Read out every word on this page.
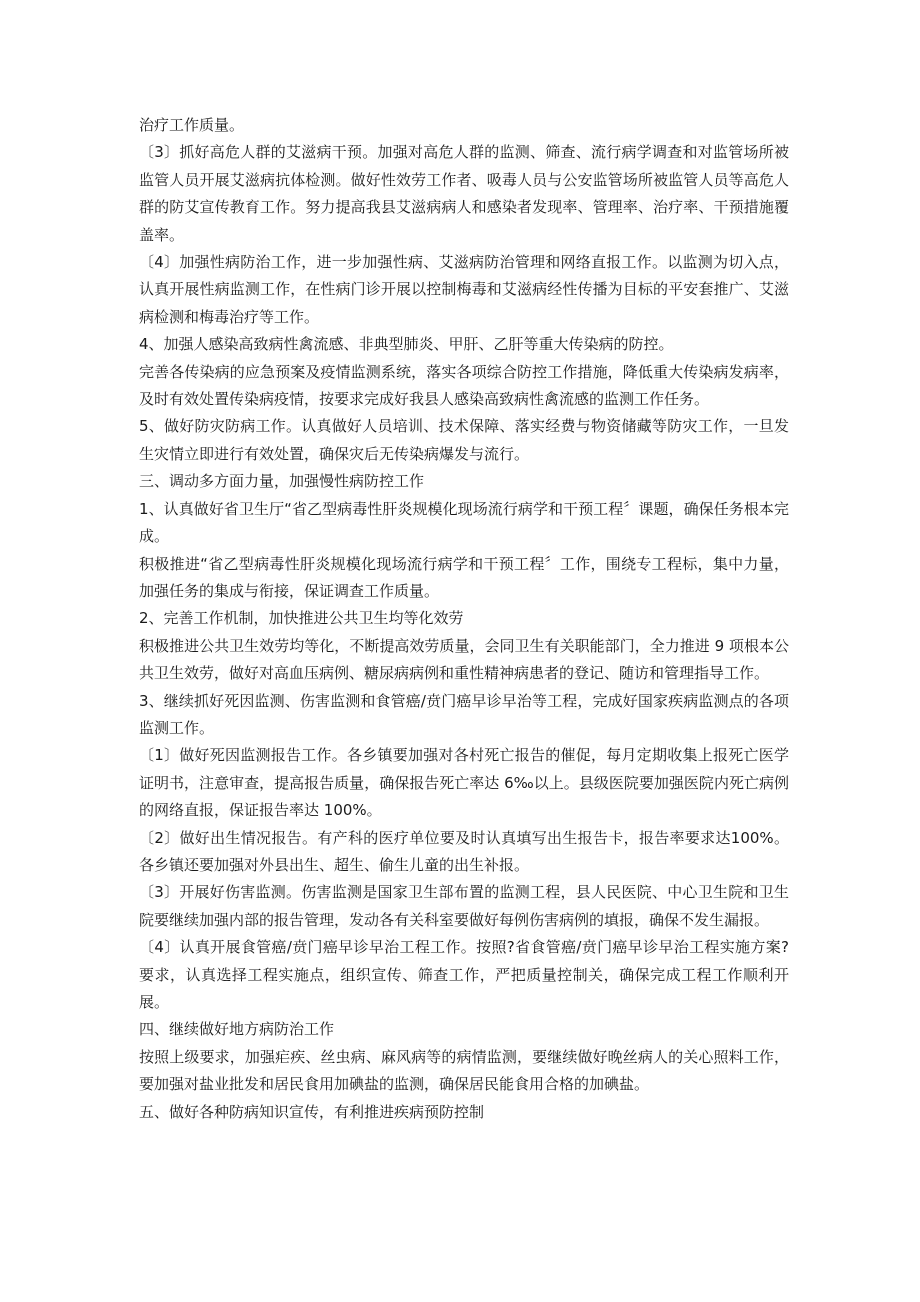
治疗工作质量。

〔3〕抓好高危人群的艾滋病干预。加强对高危人群的监测、筛查、流行病学调查和对监管场所被监管人员开展艾滋病抗体检测。做好性效劳工作者、吸毒人员与公安监管场所被监管人员等高危人群的防艾宣传教育工作。努力提高我县艾滋病病人和感染者发现率、管理率、治疗率、干预措施覆盖率。

〔4〕加强性病防治工作，进一步加强性病、艾滋病防治管理和网络直报工作。以监测为切入点，认真开展性病监测工作，在性病门诊开展以控制梅毒和艾滋病经性传播为目标的平安套推广、艾滋病检测和梅毒治疗等工作。

4、加强人感染高致病性禽流感、非典型肺炎、甲肝、乙肝等重大传染病的防控。

完善各传染病的应急预案及疫情监测系统，落实各项综合防控工作措施，降低重大传染病发病率，及时有效处置传染病疫情，按要求完成好我县人感染高致病性禽流感的监测工作任务。

5、做好防灾防病工作。认真做好人员培训、技术保障、落实经费与物资储藏等防灾工作，一旦发生灾情立即进行有效处置，确保灾后无传染病爆发与流行。

三、调动多方面力量，加强慢性病防控工作

1、认真做好省卫生厅“省乙型病毒性肝炎规模化现场流行病学和干预工程〞课题，确保任务根本完成。

积极推进“省乙型病毒性肝炎规模化现场流行病学和干预工程〞工作，围绕专工程标，集中力量，加强任务的集成与衔接，保证调查工作质量。

2、完善工作机制，加快推进公共卫生均等化效劳

积极推进公共卫生效劳均等化，不断提高效劳质量，会同卫生有关职能部门，全力推进 9 项根本公共卫生效劳，做好对高血压病例、糖尿病病例和重性精神病患者的登记、随访和管理指导工作。

3、继续抓好死因监测、伤害监测和食管癌/贲门癌早诊早治等工程，完成好国家疾病监测点的各项监测工作。

〔1〕做好死因监测报告工作。各乡镇要加强对各村死亡报告的催促，每月定期收集上报死亡医学证明书，注意审查，提高报告质量，确保报告死亡率达 6‰以上。县级医院要加强医院内死亡病例的网络直报，保证报告率达 100%。

〔2〕做好出生情况报告。有产科的医疗单位要及时认真填写出生报告卡，报告率要求达100%。各乡镇还要加强对外县出生、超生、偷生儿童的出生补报。

〔3〕开展好伤害监测。伤害监测是国家卫生部布置的监测工程，县人民医院、中心卫生院和卫生院要继续加强内部的报告管理，发动各有关科室要做好每例伤害病例的填报，确保不发生漏报。

〔4〕认真开展食管癌/贲门癌早诊早治工程工作。按照?省食管癌/贲门癌早诊早治工程实施方案?要求，认真选择工程实施点，组织宣传、筛查工作，严把质量控制关，确保完成工程工作顺利开展。

四、继续做好地方病防治工作

按照上级要求，加强疟疾、丝虫病、麻风病等的病情监测，要继续做好晚丝病人的关心照料工作，要加强对盐业批发和居民食用加碘盐的监测，确保居民能食用合格的加碘盐。

五、做好各种防病知识宣传，有利推进疾病预防控制
